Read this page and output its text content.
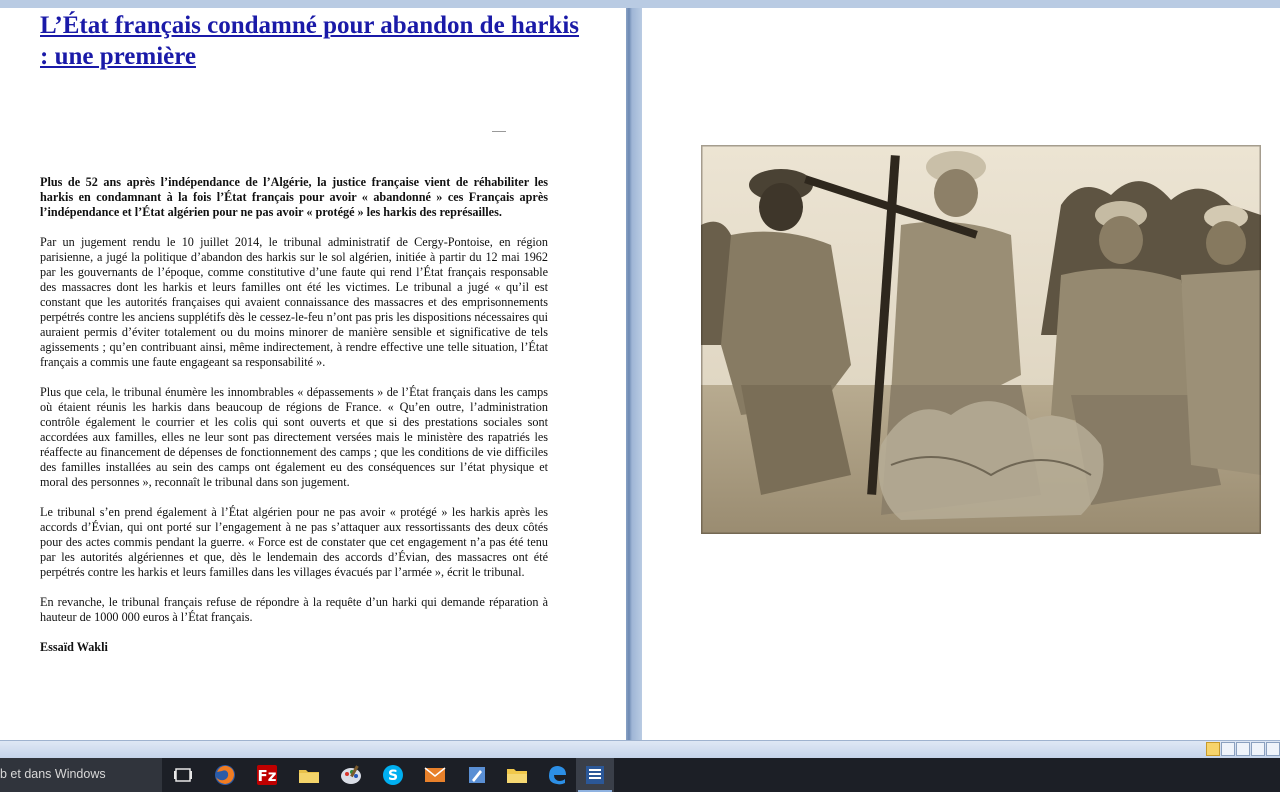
L’État français condamné pour abandon de harkis : une première

Plus de 52 ans après l’indépendance de l’Algérie, la justice française vient de réhabiliter les harkis en condamnant à la fois l’État français pour avoir « abandonné » ces Français après l’indépendance et l’État algérien pour ne pas avoir « protégé » les harkis des représailles.

Par un jugement rendu le 10 juillet 2014, le tribunal administratif de Cergy-Pontoise, en région parisienne, a jugé la politique d’abandon des harkis sur le sol algérien, initiée à partir du 12 mai 1962 par les gouvernants de l’époque, comme constitutive d’une faute qui rend l’État français responsable des massacres dont les harkis et leurs familles ont été les victimes. Le tribunal a jugé « qu’il est constant que les autorités françaises qui avaient connaissance des massacres et des emprisonnements perpétrés contre les anciens supplétifs dès le cessez-le-feu n’ont pas pris les dispositions nécessaires qui auraient permis d’éviter totalement ou du moins minorer de manière sensible et significative de tels agissements ; qu’en contribuant ainsi, même indirectement, à rendre effective une telle situation, l’État français a commis une faute engageant sa responsabilité ».

Plus que cela, le tribunal énumère les innombrables « dépassements » de l’État français dans les camps où étaient réunis les harkis dans beaucoup de régions de France. « Qu’en outre, l’administration contrôle également le courrier et les colis qui sont ouverts et que si des prestations sociales sont accordées aux familles, elles ne leur sont pas directement versées mais le ministère des rapatriés les réaffecte au financement de dépenses de fonctionnement des camps ; que les conditions de vie difficiles des familles installées au sein des camps ont également eu des conséquences sur l’état physique et moral des personnes », reconnaît le tribunal dans son jugement.

Le tribunal s’en prend également à l’État algérien pour ne pas avoir « protégé » les harkis après les accords d’Évian, qui ont porté sur l’engagement à ne pas s’attaquer aux ressortissants des deux côtés pour des actes commis pendant la guerre. « Force est de constater que cet engagement n’a pas été tenu par les autorités algériennes et que, dès le lendemain des accords d’Évian, des massacres ont été perpétrés contre les harkis et leurs familles dans les villages évacués par l’armée », écrit le tribunal.

En revanche, le tribunal français refuse de répondre à la requête d’un harki qui demande réparation à hauteur de 1000 000 euros à l’État français.

Essaïd Wakli

b et dans Windows	Fz	S
